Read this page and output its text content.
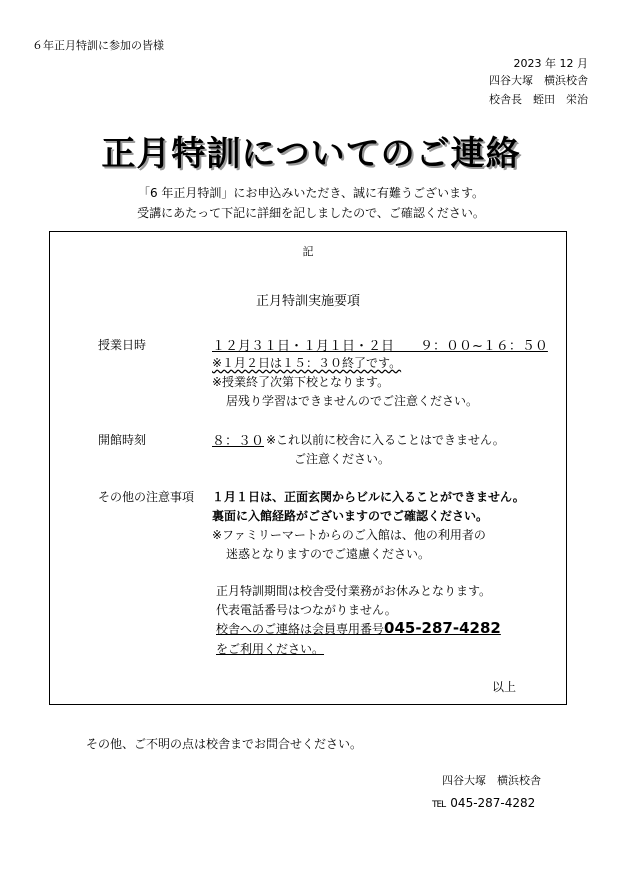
６年正月特訓に参加の皆様
2023 年 12 月
四谷大塚　横浜校舎
校舎長　蛭田　栄治
正月特訓についてのご連絡
「6 年正月特訓」にお申込みいただき、誠に有難うございます。
受講にあたって下記に詳細を記しましたので、ご確認ください。
記
正月特訓実施要項
授業日時	１２月３１日・１月１日・２日　　９：００~１６：５０
※１月２日は１５：３０終了です。
※授業終了次第下校となります。
居残り学習はできませんのでご注意ください。
開館時刻	８：３０ ※これ以前に校舎に入ることはできません。
ご注意ください。
その他の注意事項 １月１日は、正面玄関からビルに入ることができません。
裏面に入館経路がございますのでご確認ください。
※ファミリーマートからのご入館は、他の利用者の
迷惑となりますのでご遠慮ください。
正月特訓期間は校舎受付業務がお休みとなります。
代表電話番号はつながりません。
校舎へのご連絡は会員専用番号045-287-4282
をご利用ください。
以上
その他、ご不明の点は校舎までお問合せください。
四谷大塚　横浜校舎
TEL 045-287-4282
